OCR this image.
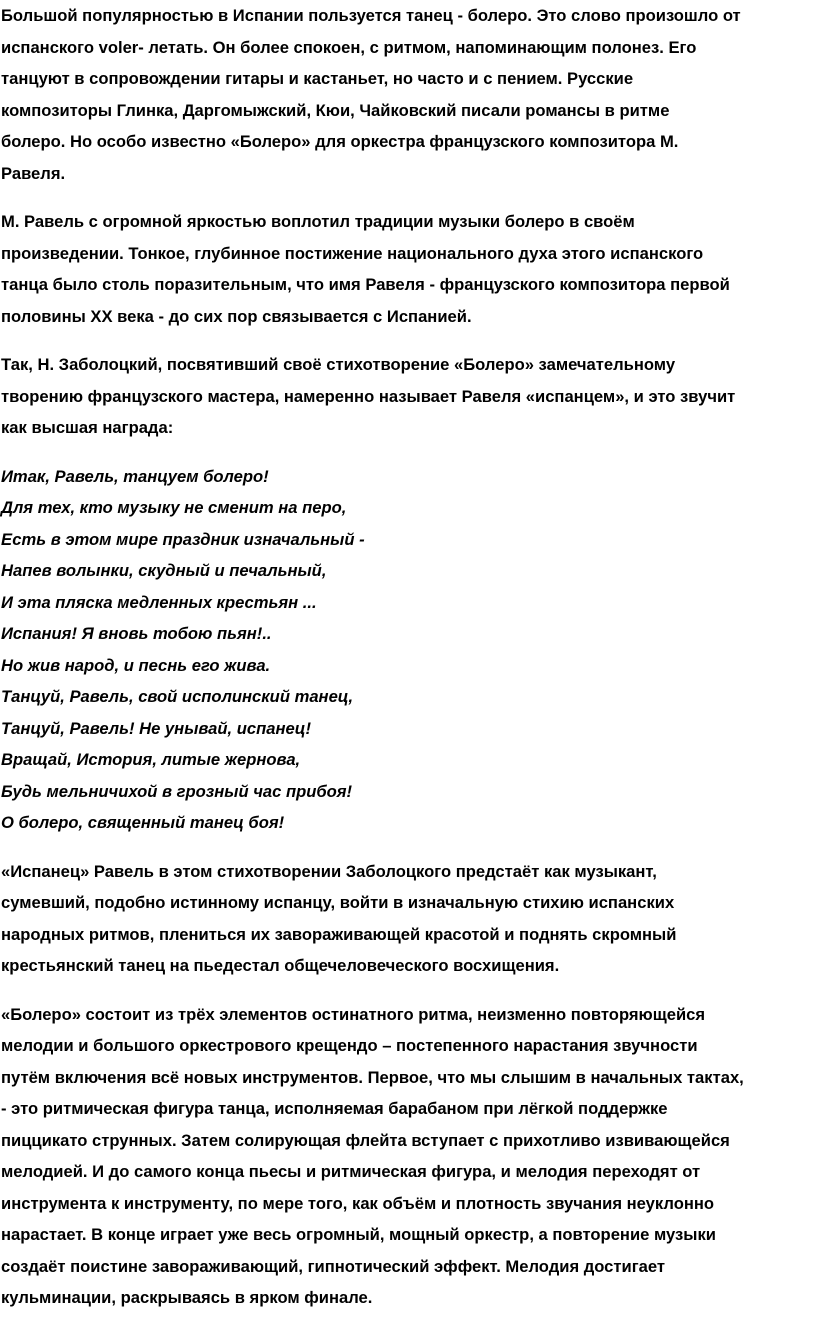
Большой популярностью в Испании пользуется танец - болеро. Это слово произошло от
испанского voler- летать. Он более спокоен, с ритмом, напоминающим полонез. Его
танцуют в сопровождении гитары и кастаньет, но часто и с пением. Русские
композиторы Глинка, Даргомыжский, Кюи, Чайковский писали романсы в ритме
болеро. Но особо известно «Болеро» для оркестра французского композитора М.
Равеля.
М. Равель с огромной яркостью воплотил традиции музыки болеро в своём
произведении. Тонкое, глубинное постижение национального духа этого испанского
танца было столь поразительным, что имя Равеля - французского композитора первой
половины XX века - до сих пор связывается с Испанией.
Так, Н. Заболоцкий, посвятивший своё стихотворение «Болеро» замечательному
творению французского мастера, намеренно называет Равеля «испанцем», и это звучит
как высшая награда:
Итак, Равель, танцуем болеро!
Для тех, кто музыку не сменит на перо,
Есть в этом мире праздник изначальный -
Напев волынки, скудный и печальный,
И эта пляска медленных крестьян ...
Испания! Я вновь тобою пьян!..
Но жив народ, и песнь его жива.
Танцуй, Равель, свой исполинский танец,
Танцуй, Равель! Не унывай, испанец!
Вращай, История, литые жернова,
Будь мельничихой в грозный час прибоя!
О болеро, священный танец боя!
«Испанец» Равель в этом стихотворении Заболоцкого предстаёт как музыкант,
сумевший, подобно истинному испанцу, войти в изначальную стихию испанских
народных ритмов, плениться их завораживающей красотой и поднять скромный
крестьянский танец на пьедестал общечеловеческого восхищения.
«Болеро» состоит из трёх элементов остинатного ритма, неизменно повторяющейся
мелодии и большого оркестрового крещендо – постепенного нарастания звучности
путём включения всё новых инструментов. Первое, что мы слышим в начальных тактах,
- это ритмическая фигура танца, исполняемая барабаном при лёгкой поддержке
пиццикато струнных. Затем солирующая флейта вступает с прихотливо извивающейся
мелодией. И до самого конца пьесы и ритмическая фигура, и мелодия переходят от
инструмента к инструменту, по мере того, как объём и плотность звучания неуклонно
нарастает. В конце играет уже весь огромный, мощный оркестр, а повторение музыки
создаёт поистине завораживающий, гипнотический эффект. Мелодия достигает
кульминации, раскрываясь в ярком финале.
